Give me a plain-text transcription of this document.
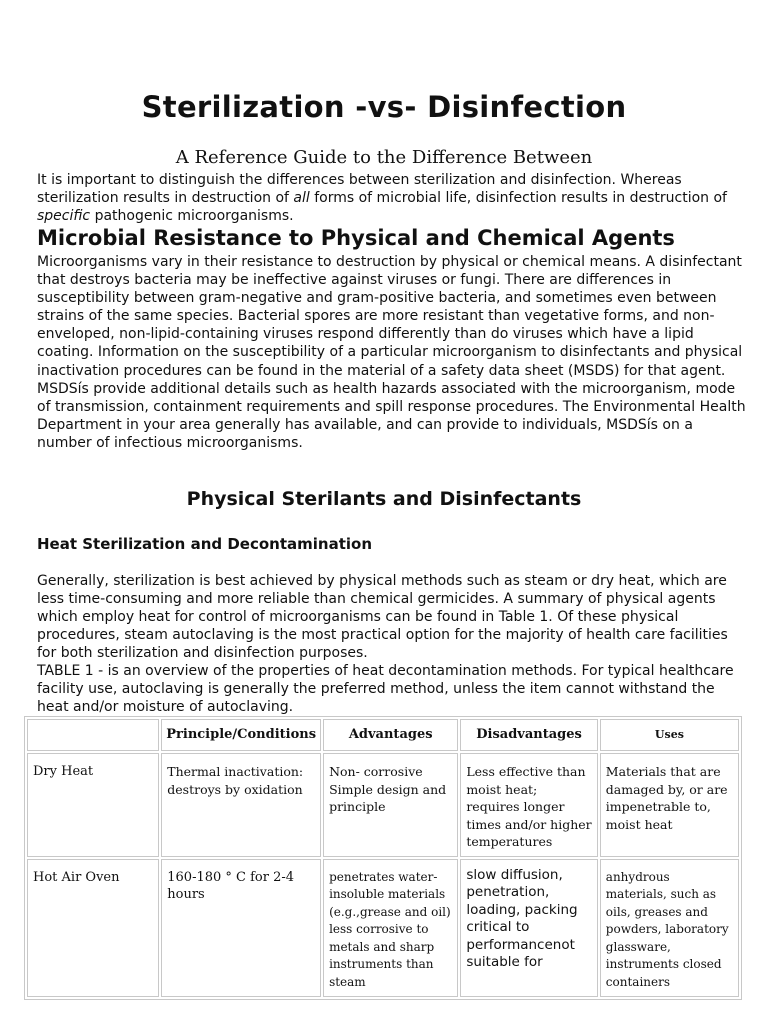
Sterilization -vs- Disinfection
A Reference Guide to the Difference Between
It is important to distinguish the differences between sterilization and disinfection. Whereas sterilization results in destruction of all forms of microbial life, disinfection results in destruction of specific pathogenic microorganisms.
Microbial Resistance to Physical and Chemical Agents
Microorganisms vary in their resistance to destruction by physical or chemical means. A disinfectant that destroys bacteria may be ineffective against viruses or fungi. There are differences in susceptibility between gram-negative and gram-positive bacteria, and sometimes even between strains of the same species. Bacterial spores are more resistant than vegetative forms, and non-enveloped, non-lipid-containing viruses respond differently than do viruses which have a lipid coating. Information on the susceptibility of a particular microorganism to disinfectants and physical inactivation procedures can be found in the material of a safety data sheet (MSDS) for that agent. MSDSís provide additional details such as health hazards associated with the microorganism, mode of transmission, containment requirements and spill response procedures. The Environmental Health Department in your area generally has available, and can provide to individuals, MSDSís on a number of infectious microorganisms.
Physical Sterilants and Disinfectants
Heat Sterilization and Decontamination
Generally, sterilization is best achieved by physical methods such as steam or dry heat, which are less time-consuming and more reliable than chemical germicides. A summary of physical agents which employ heat for control of microorganisms can be found in Table 1. Of these physical procedures, steam autoclaving is the most practical option for the majority of health care facilities for both sterilization and disinfection purposes.
TABLE 1 - is an overview of the properties of heat decontamination methods. For typical healthcare facility use, autoclaving is generally the preferred method, unless the item cannot withstand the heat and/or moisture of autoclaving.
	Principle/Conditions	Advantages	Disadvantages	Uses
Dry Heat	Thermal inactivation: destroys by oxidation	Non- corrosive Simple design and principle	Less effective than moist heat; requires longer times and/or higher temperatures	Materials that are damaged by, or are impenetrable to, moist heat
Hot Air Oven	160-180 ° C for 2-4 hours	penetrates water-insoluble materials (e.g.,grease and oil) less corrosive to metals and sharp instruments than steam	slow diffusion, penetration, loading, packing critical to performancenot suitable for	anhydrous materials, such as oils, greases and powders, laboratory glassware, instruments closed containers
